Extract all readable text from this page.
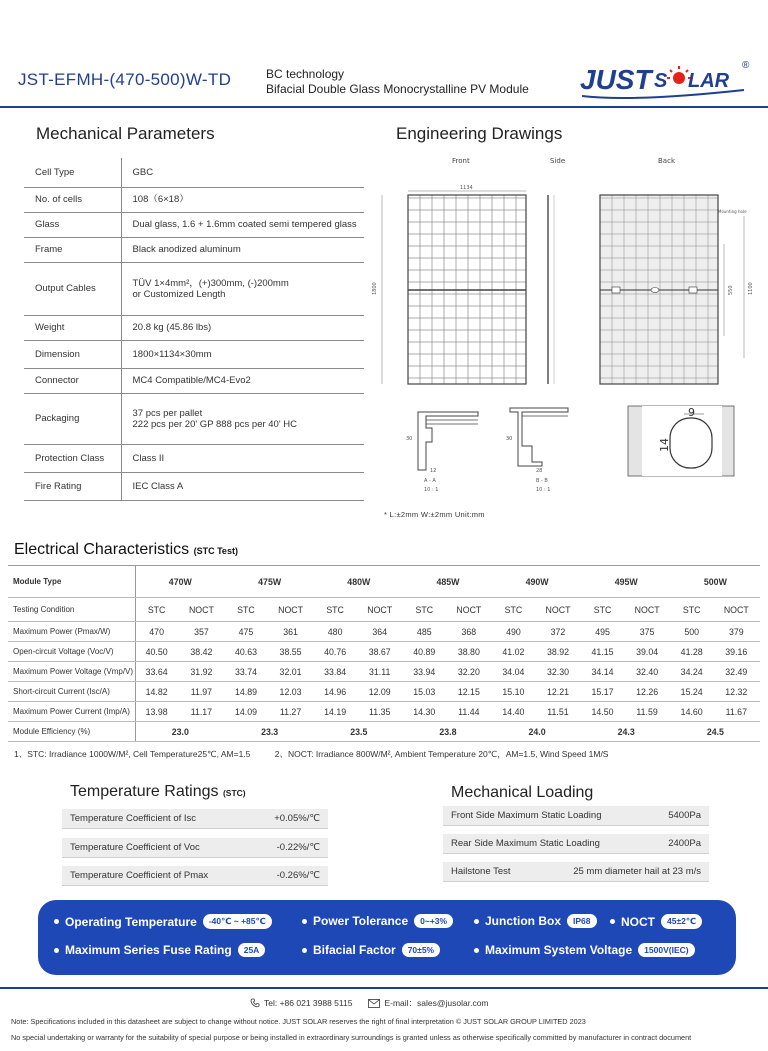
JST-EFMH-(470-500)W-TD	BC technology
Bifacial Double Glass Monocrystalline PV Module JUST S LAR
®
Mechanical Parameters
Cell Type	GBC
No. of cells	108（6×18）
Glass	Dual glass, 1.6 + 1.6mm coated semi tempered glass
Frame	Black anodized aluminum
Output Cables	TÜV 1×4mm²，(+)300mm, (-)200mm
or Customized Length

Weight	20.8 kg (45.86 lbs)
Dimension	1800×1134×30mm
Connector	MC4 Compatible/MC4-Evo2
Packaging	37 pcs per pallet
222 pcs per 20' GP 888 pcs per 40' HC

Protection Class	Class II
Fire Rating	IEC Class A
Engineering Drawings
Front	Side	Back
1134
1800	550	1100
Mounting hole
30
12
A - A
10 : 1
30
28
B - B
10 : 1
9
14
* L:±2mm W:±2mm Unit:mm
Electrical Characteristics (STC Test)
Module Type	470W		475W		480W		485W		490W		495W		500W	
Testing Condition	STC	NOCT	STC	NOCT	STC	NOCT	STC	NOCT	STC	NOCT	STC	NOCT	STC	NOCT
Maximum Power (Pmax/W)	470	357	475	361	480	364	485	368	490	372	495	375	500	379
Open-circuit Voltage (Voc/V)	40.50	38.42	40.63	38.55	40.76	38.67	40.89	38.80	41.02	38.92	41.15	39.04	41.28	39.16
Maximum Power Voltage (Vmp/V)	33.64	31.92	33.74	32.01	33.84	31.11	33.94	32.20	34.04	32.30	34.14	32.40	34.24	32.49
Short-circuit Current (Isc/A)	14.82	11.97	14.89	12.03	14.96	12.09	15.03	12.15	15.10	12.21	15.17	12.26	15.24	12.32
Maximum Power Current (Imp/A)	13.98	11.17	14.09	11.27	14.19	11.35	14.30	11.44	14.40	11.51	14.50	11.59	14.60	11.67
Module Efficiency (%)	23.0		23.3		23.5		23.8		24.0		24.3		24.5	
1、STC: Irradiance 1000W/M², Cell Temperature25℃, AM=1.5	2、NOCT: Irradiance 800W/M², Ambient Temperature 20℃，AM=1.5, Wind Speed 1M/S
Temperature Ratings (STC)
Temperature Coefficient of Isc	+0.05%/℃
Temperature Coefficient of Voc	-0.22%/℃
Temperature Coefficient of Pmax	-0.26%/℃
Mechanical Loading
Front Side Maximum Static Loading	5400Pa
Rear Side Maximum Static Loading	2400Pa
Hailstone Test	25 mm diameter hail at 23 m/s
Operating Temperature	-40℃ ~ +85℃	Power Tolerance	0~+3%	Junction Box	IP68	NOCT	45±2℃
Maximum Series Fuse Rating	25A	Bifacial Factor	70±5%	Maximum System Voltage	1500V(IEC)
Tel: +86 021 3988 5115	E-mail：sales@jusolar.com
Note: Specifications included in this datasheet are subject to change without notice. JUST SOLAR reserves the right of final interpretation © JUST SOLAR GROUP LIMITED 2023
No special undertaking or warranty for the suitability of special purpose or being installed in extraordinary surroundings is granted unless as otherwise specifically committed by manufacturer in contract document
